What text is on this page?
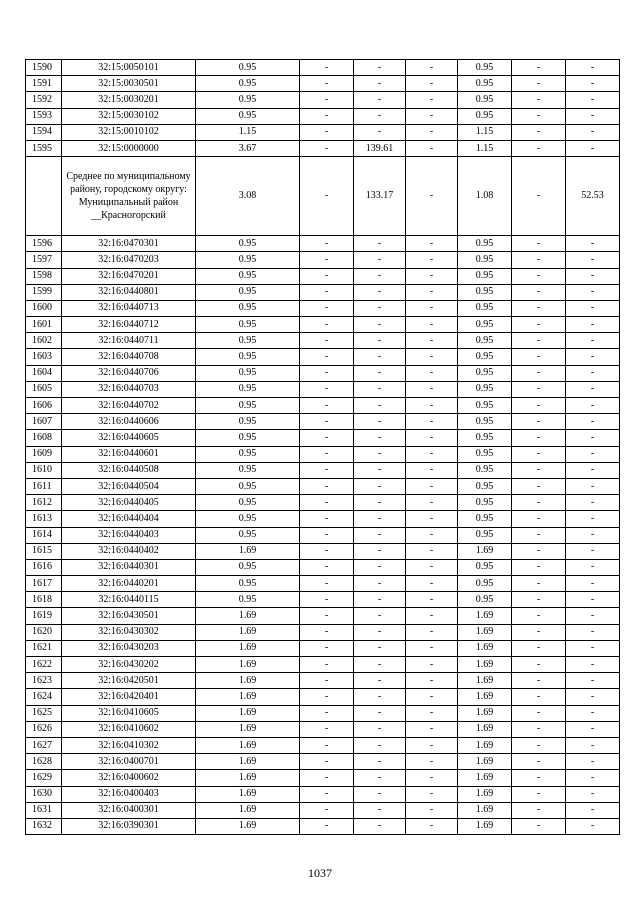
1590	32:15:0050101	0.95	-	-	-	0.95	-	-
1591	32:15:0030501	0.95	-	-	-	0.95	-	-
1592	32:15:0030201	0.95	-	-	-	0.95	-	-
1593	32:15:0030102	0.95	-	-	-	0.95	-	-
1594	32:15:0010102	1.15	-	-	-	1.15	-	-
1595	32:15:0000000	3.67	-	139.61	-	1.15	-	-
	Среднее по муниципальному району, городскому округу: Муниципальный район __Красногорский	3.08	-	133.17	-	1.08	-	52.53
1596	32:16:0470301	0.95	-	-	-	0.95	-	-
1597	32:16:0470203	0.95	-	-	-	0.95	-	-
1598	32:16:0470201	0.95	-	-	-	0.95	-	-
1599	32:16:0440801	0.95	-	-	-	0.95	-	-
1600	32:16:0440713	0.95	-	-	-	0.95	-	-
1601	32:16:0440712	0.95	-	-	-	0.95	-	-
1602	32:16:0440711	0.95	-	-	-	0.95	-	-
1603	32:16:0440708	0.95	-	-	-	0.95	-	-
1604	32:16:0440706	0.95	-	-	-	0.95	-	-
1605	32:16:0440703	0.95	-	-	-	0.95	-	-
1606	32:16:0440702	0.95	-	-	-	0.95	-	-
1607	32:16:0440606	0.95	-	-	-	0.95	-	-
1608	32:16:0440605	0.95	-	-	-	0.95	-	-
1609	32:16:0440601	0.95	-	-	-	0.95	-	-
1610	32:16:0440508	0.95	-	-	-	0.95	-	-
1611	32:16:0440504	0.95	-	-	-	0.95	-	-
1612	32:16:0440405	0.95	-	-	-	0.95	-	-
1613	32:16:0440404	0.95	-	-	-	0.95	-	-
1614	32:16:0440403	0.95	-	-	-	0.95	-	-
1615	32:16:0440402	1.69	-	-	-	1.69	-	-
1616	32:16:0440301	0.95	-	-	-	0.95	-	-
1617	32:16:0440201	0.95	-	-	-	0.95	-	-
1618	32:16:0440115	0.95	-	-	-	0.95	-	-
1619	32:16:0430501	1.69	-	-	-	1.69	-	-
1620	32:16:0430302	1.69	-	-	-	1.69	-	-
1621	32:16:0430203	1.69	-	-	-	1.69	-	-
1622	32:16:0430202	1.69	-	-	-	1.69	-	-
1623	32:16:0420501	1.69	-	-	-	1.69	-	-
1624	32:16:0420401	1.69	-	-	-	1.69	-	-
1625	32:16:0410605	1.69	-	-	-	1.69	-	-
1626	32:16:0410602	1.69	-	-	-	1.69	-	-
1627	32:16:0410302	1.69	-	-	-	1.69	-	-
1628	32:16:0400701	1.69	-	-	-	1.69	-	-
1629	32:16:0400602	1.69	-	-	-	1.69	-	-
1630	32:16:0400403	1.69	-	-	-	1.69	-	-
1631	32:16:0400301	1.69	-	-	-	1.69	-	-
1632	32:16:0390301	1.69	-	-	-	1.69	-	-
1037
